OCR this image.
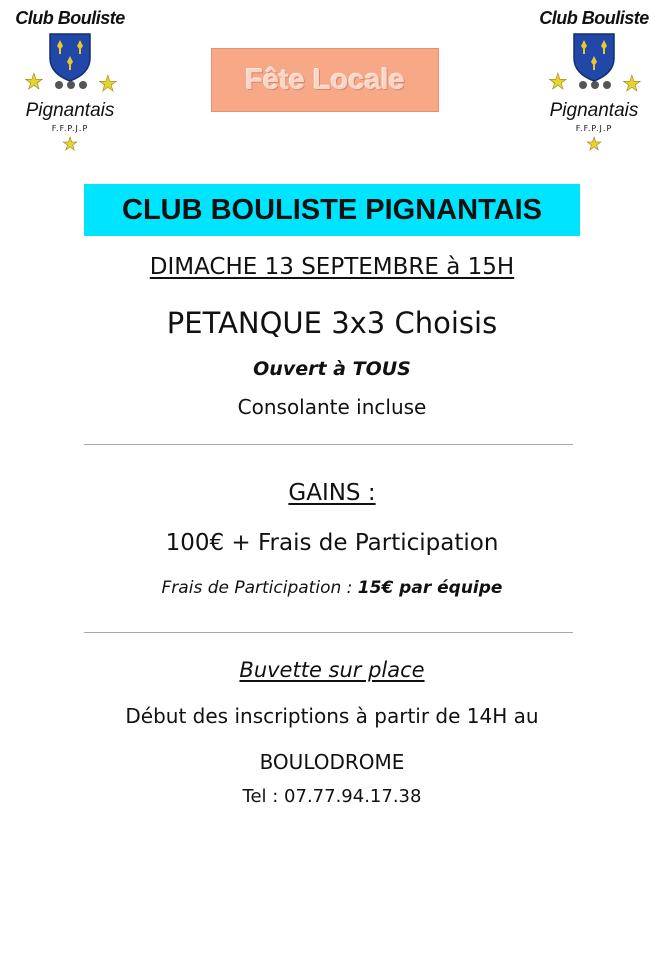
Club Bouliste
★ ★
Pignantais
F.F.P.J.P
★
Club Bouliste
★ ★
Pignantais
F.F.P.J.P
★
Fête Locale
CLUB BOULISTE PIGNANTAIS
DIMACHE 13 SEPTEMBRE à 15H
PETANQUE 3x3 Choisis
Ouvert à TOUS
Consolante incluse
GAINS :
100€ + Frais de Participation
Frais de Participation : 15€ par équipe
Buvette sur place
Début des inscriptions à partir de 14H au
BOULODROME
Tel : 07.77.94.17.38
